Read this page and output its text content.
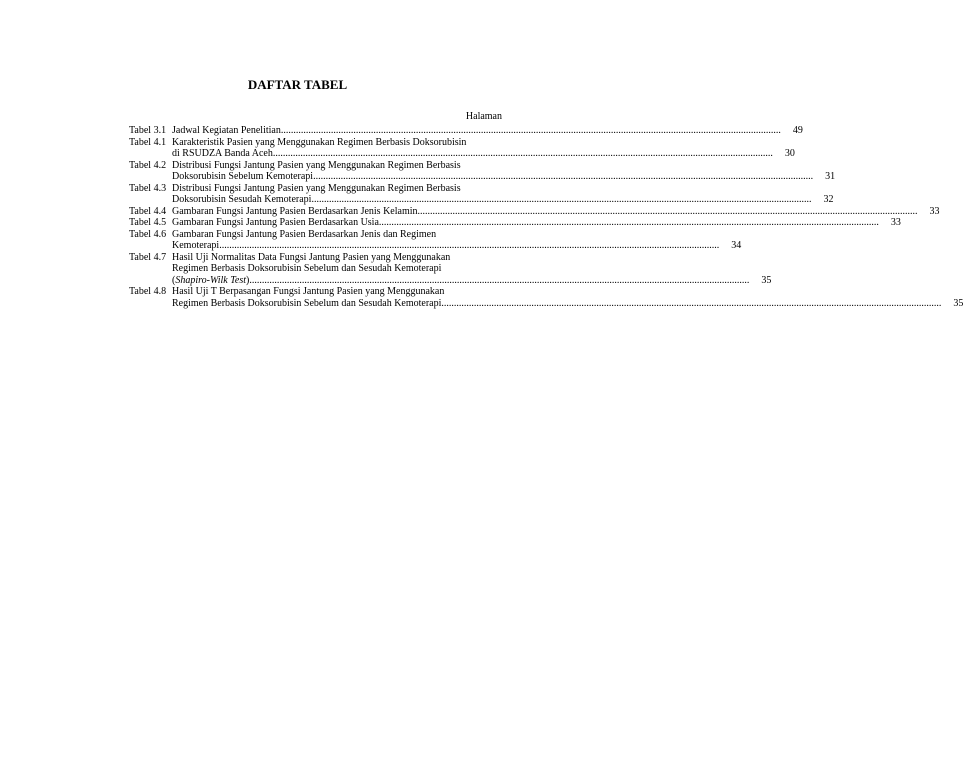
DAFTAR TABEL
Halaman
Tabel 3.1 Jadwal Kegiatan Penelitian ........................................................................................................................................................................................................	49
Tabel 4.1 Karakteristik Pasien yang Menggunakan Regimen Berbasis Doksorubisin
di RSUDZA Banda Aceh ........................................................................................................................................................................................................	30
Tabel 4.2 Distribusi Fungsi Jantung Pasien yang Menggunakan Regimen Berbasis
Doksorubisin Sebelum Kemoterapi ........................................................................................................................................................................................................	31
Tabel 4.3 Distribusi Fungsi Jantung Pasien yang Menggunakan Regimen Berbasis
Doksorubisin Sesudah Kemoterapi ........................................................................................................................................................................................................	32
Tabel 4.4 Gambaran Fungsi Jantung Pasien Berdasarkan Jenis Kelamin ........................................................................................................................................................................................................	33
Tabel 4.5 Gambaran Fungsi Jantung Pasien Berdasarkan Usia ........................................................................................................................................................................................................	33
Tabel 4.6 Gambaran Fungsi Jantung Pasien Berdasarkan Jenis dan Regimen
Kemoterapi ........................................................................................................................................................................................................	34
Tabel 4.7 Hasil Uji Normalitas Data Fungsi Jantung Pasien yang Menggunakan
Regimen Berbasis Doksorubisin Sebelum dan Sesudah Kemoterapi
(Shapiro-Wilk Test) ........................................................................................................................................................................................................	35
Tabel 4.8 Hasil Uji T Berpasangan Fungsi Jantung Pasien yang Menggunakan
Regimen Berbasis Doksorubisin Sebelum dan Sesudah Kemoterapi ........................................................................................................................................................................................................	35
